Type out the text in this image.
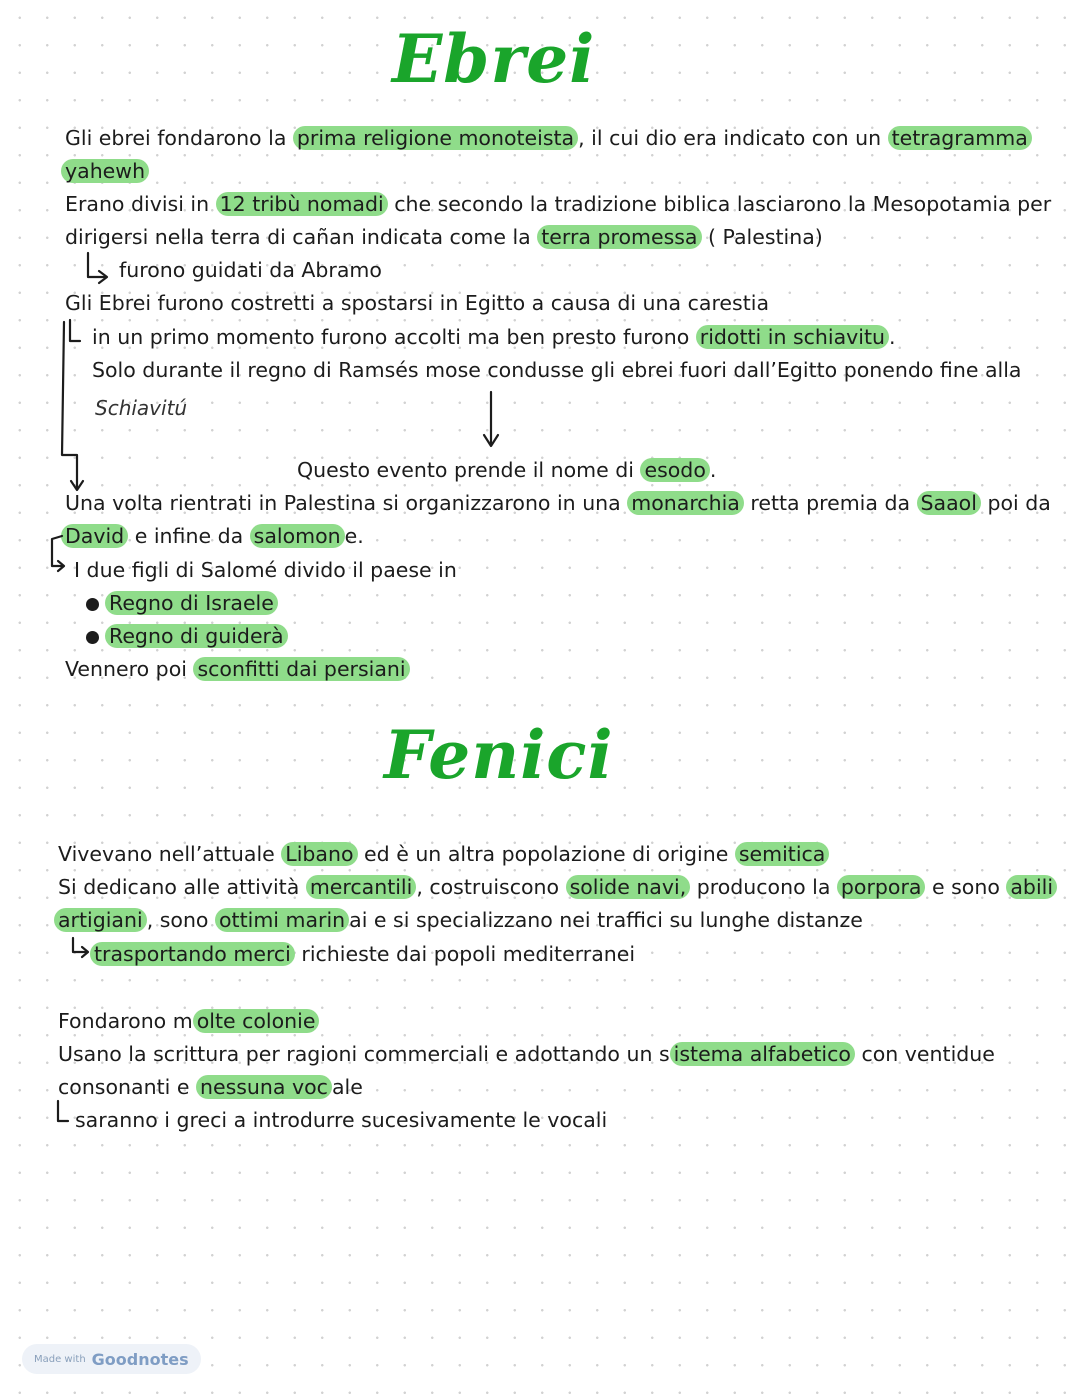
Ebrei

Gli ebrei fondarono la prima religione monoteista , il cui dio era indicato con un tetragramma

yahewh

Erano divisi in 12 tribù nomadi che secondo la tradizione biblica lasciarono la Mesopotamia per

dirigersi nella terra di cañan indicata come la terra promessa ( Palestina)

furono guidati da Abramo

Gli Ebrei furono costretti a spostarsi in Egitto a causa di una carestia

in un primo momento furono accolti ma ben presto furono ridotti in schiavitu .

Solo durante il regno di Ramsés mose condusse gli ebrei fuori dall’Egitto ponendo fine alla

Schiavitú

Questo evento prende il nome di esodo .

Una volta rientrati in Palestina si organizzarono in una monarchia retta premia da Saaol poi da

David e infine da salomon e.

I due figli di Salomé divido il paese in

Regno di Israele

Regno di guiderà

Vennero poi sconfitti dai persiani

Fenici

Vivevano nell’attuale Libano ed è un altra popolazione di origine semitica

Si dedicano alle attività mercantili , costruiscono solide navi, producono la porpora e sono abili

artigiani , sono ottimi marin ai e si specializzano nei traffici su lunghe distanze

trasportando merci richieste dai popoli mediterranei

Fondarono m olte colonie

Usano la scrittura per ragioni commerciali e adottando un s istema alfabetico con ventidue

consonanti e nessuna voc ale

saranno i greci a introdurre sucesivamente le vocali

Made with Goodnotes
